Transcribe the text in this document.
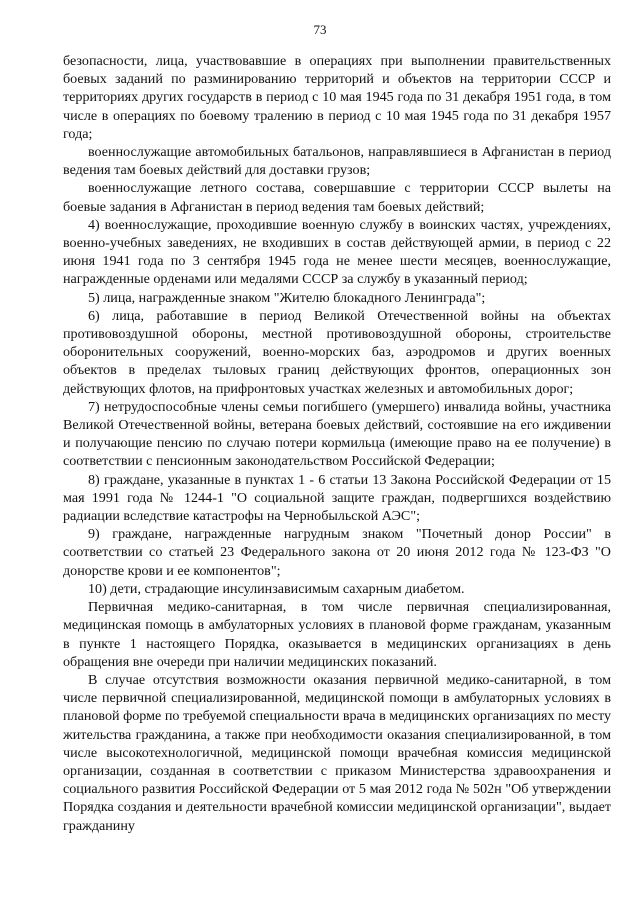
73

безопасности, лица, участвовавшие в операциях при выполнении правительственных боевых заданий по разминированию территорий и объектов на территории СССР и территориях других государств в период с 10 мая 1945 года по 31 декабря 1951 года, в том числе в операциях по боевому тралению в период с 10 мая 1945 года по 31 декабря 1957 года;

военнослужащие автомобильных батальонов, направлявшиеся в Афганистан в период ведения там боевых действий для доставки грузов;

военнослужащие летного состава, совершавшие с территории СССР вылеты на боевые задания в Афганистан в период ведения там боевых действий;

4) военнослужащие, проходившие военную службу в воинских частях, учреждениях, военно-учебных заведениях, не входивших в состав действующей армии, в период с 22 июня 1941 года по 3 сентября 1945 года не менее шести месяцев, военнослужащие, награжденные орденами или медалями СССР за службу в указанный период;

5) лица, награжденные знаком "Жителю блокадного Ленинграда";

6) лица, работавшие в период Великой Отечественной войны на объектах противовоздушной обороны, местной противовоздушной обороны, строительстве оборонительных сооружений, военно-морских баз, аэродромов и других военных объектов в пределах тыловых границ действующих фронтов, операционных зон действующих флотов, на прифронтовых участках железных и автомобильных дорог;

7) нетрудоспособные члены семьи погибшего (умершего) инвалида войны, участника Великой Отечественной войны, ветерана боевых действий, состоявшие на его иждивении и получающие пенсию по случаю потери кормильца (имеющие право на ее получение) в соответствии с пенсионным законодательством Российской Федерации;

8) граждане, указанные в пунктах 1 - 6 статьи 13 Закона Российской Федерации от 15 мая 1991 года № 1244-1 "О социальной защите граждан, подвергшихся воздействию радиации вследствие катастрофы на Чернобыльской АЭС";

9) граждане, награжденные нагрудным знаком "Почетный донор России" в соответствии со статьей 23 Федерального закона от 20 июня 2012 года № 123-ФЗ "О донорстве крови и ее компонентов";

10) дети, страдающие инсулинзависимым сахарным диабетом.

Первичная медико-санитарная, в том числе первичная специализированная, медицинская помощь в амбулаторных условиях в плановой форме гражданам, указанным в пункте 1 настоящего Порядка, оказывается в медицинских организациях в день обращения вне очереди при наличии медицинских показаний.

В случае отсутствия возможности оказания первичной медико-санитарной, в том числе первичной специализированной, медицинской помощи в амбулаторных условиях в плановой форме по требуемой специальности врача в медицинских организациях по месту жительства гражданина, а также при необходимости оказания специализированной, в том числе высокотехнологичной, медицинской помощи врачебная комиссия медицинской организации, созданная в соответствии с приказом Министерства здравоохранения и социального развития Российской Федерации от 5 мая 2012 года № 502н "Об утверждении Порядка создания и деятельности врачебной комиссии медицинской организации", выдает гражданину
